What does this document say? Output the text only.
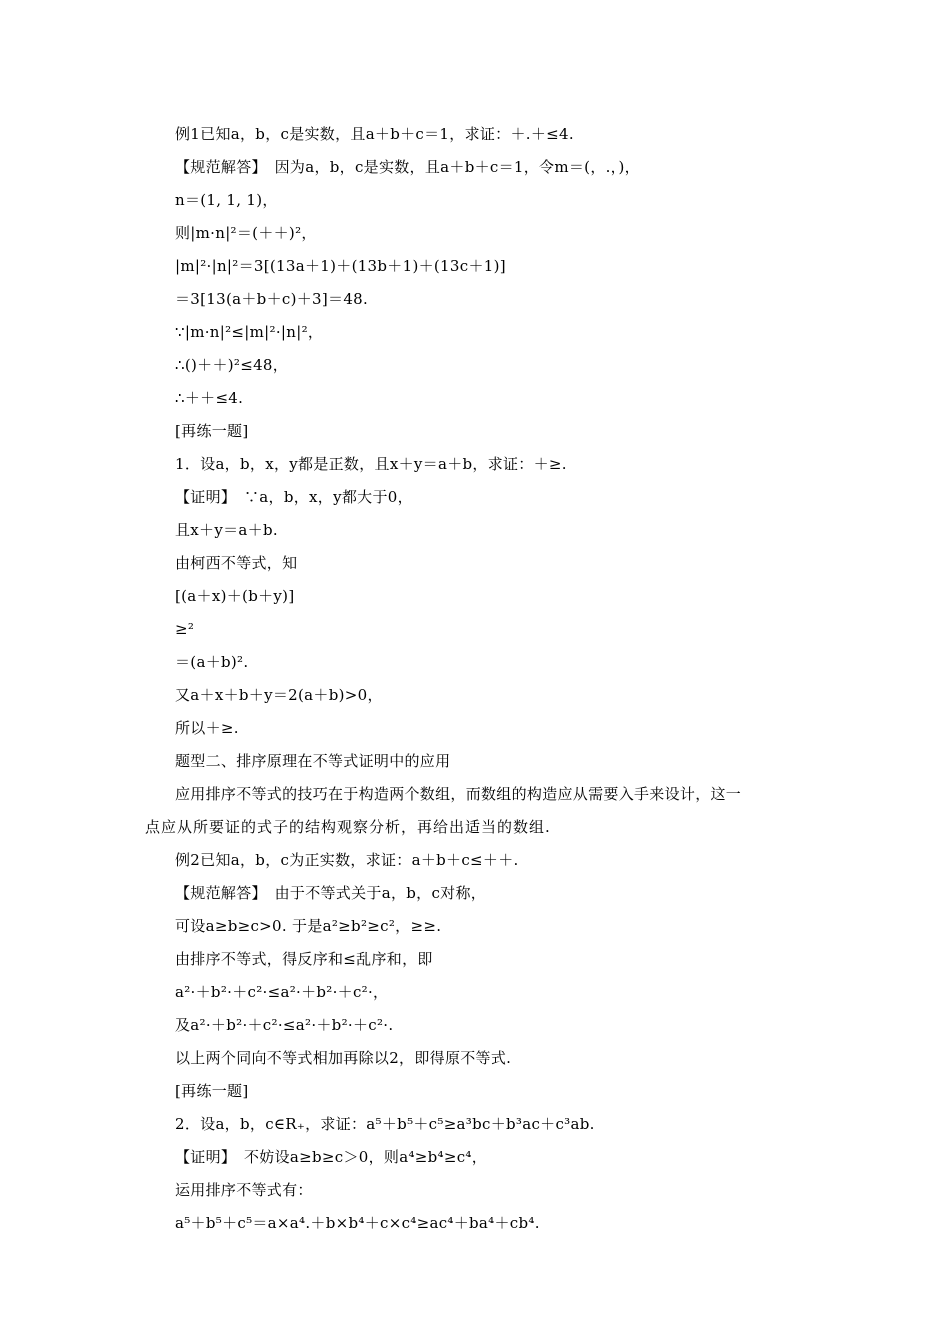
例1已知a，b，c是实数，且a＋b＋c＝1，求证：＋.＋≤4.
【规范解答】　因为a，b，c是实数，且a＋b＋c＝1，令m＝(，.，)，
n＝(1, 1, 1)，
则|m·n|²＝(＋＋)²，
|m|²·|n|²＝3[(13a＋1)＋(13b＋1)＋(13c＋1)]
＝3[13(a＋b＋c)＋3]＝48.
∵|m·n|²≤|m|²·|n|²，
∴()＋＋)²≤48，
∴＋＋≤4.
[再练一题]
1．设a，b，x，y都是正数，且x＋y＝a＋b，求证：＋≥.
【证明】　∵a，b，x，y都大于0，
且x＋y＝a＋b.
由柯西不等式，知
[(a＋x)＋(b＋y)]
≥²
＝(a＋b)².
又a＋x＋b＋y＝2(a＋b)>0，
所以＋≥.
题型二、排序原理在不等式证明中的应用
应用排序不等式的技巧在于构造两个数组，而数组的构造应从需要入手来设计，这一
点应从所要证的式子的结构观察分析，再给出适当的数组.
例2已知a，b，c为正实数，求证：a＋b＋c≤＋＋.
【规范解答】　由于不等式关于a，b，c对称，
可设a≥b≥c>0. 于是a²≥b²≥c²，≥≥.
由排序不等式，得反序和≤乱序和，即
a²·＋b²·＋c²·≤a²·＋b²·＋c²·，
及a²·＋b²·＋c²·≤a²·＋b²·＋c²·.
以上两个同向不等式相加再除以2，即得原不等式.
[再练一题]
2．设a，b，c∈R₊，求证：a⁵＋b⁵＋c⁵≥a³bc＋b³ac＋c³ab.
【证明】　不妨设a≥b≥c＞0，则a⁴≥b⁴≥c⁴，
运用排序不等式有：
a⁵＋b⁵＋c⁵＝a×a⁴.＋b×b⁴＋c×c⁴≥ac⁴＋ba⁴＋cb⁴.
